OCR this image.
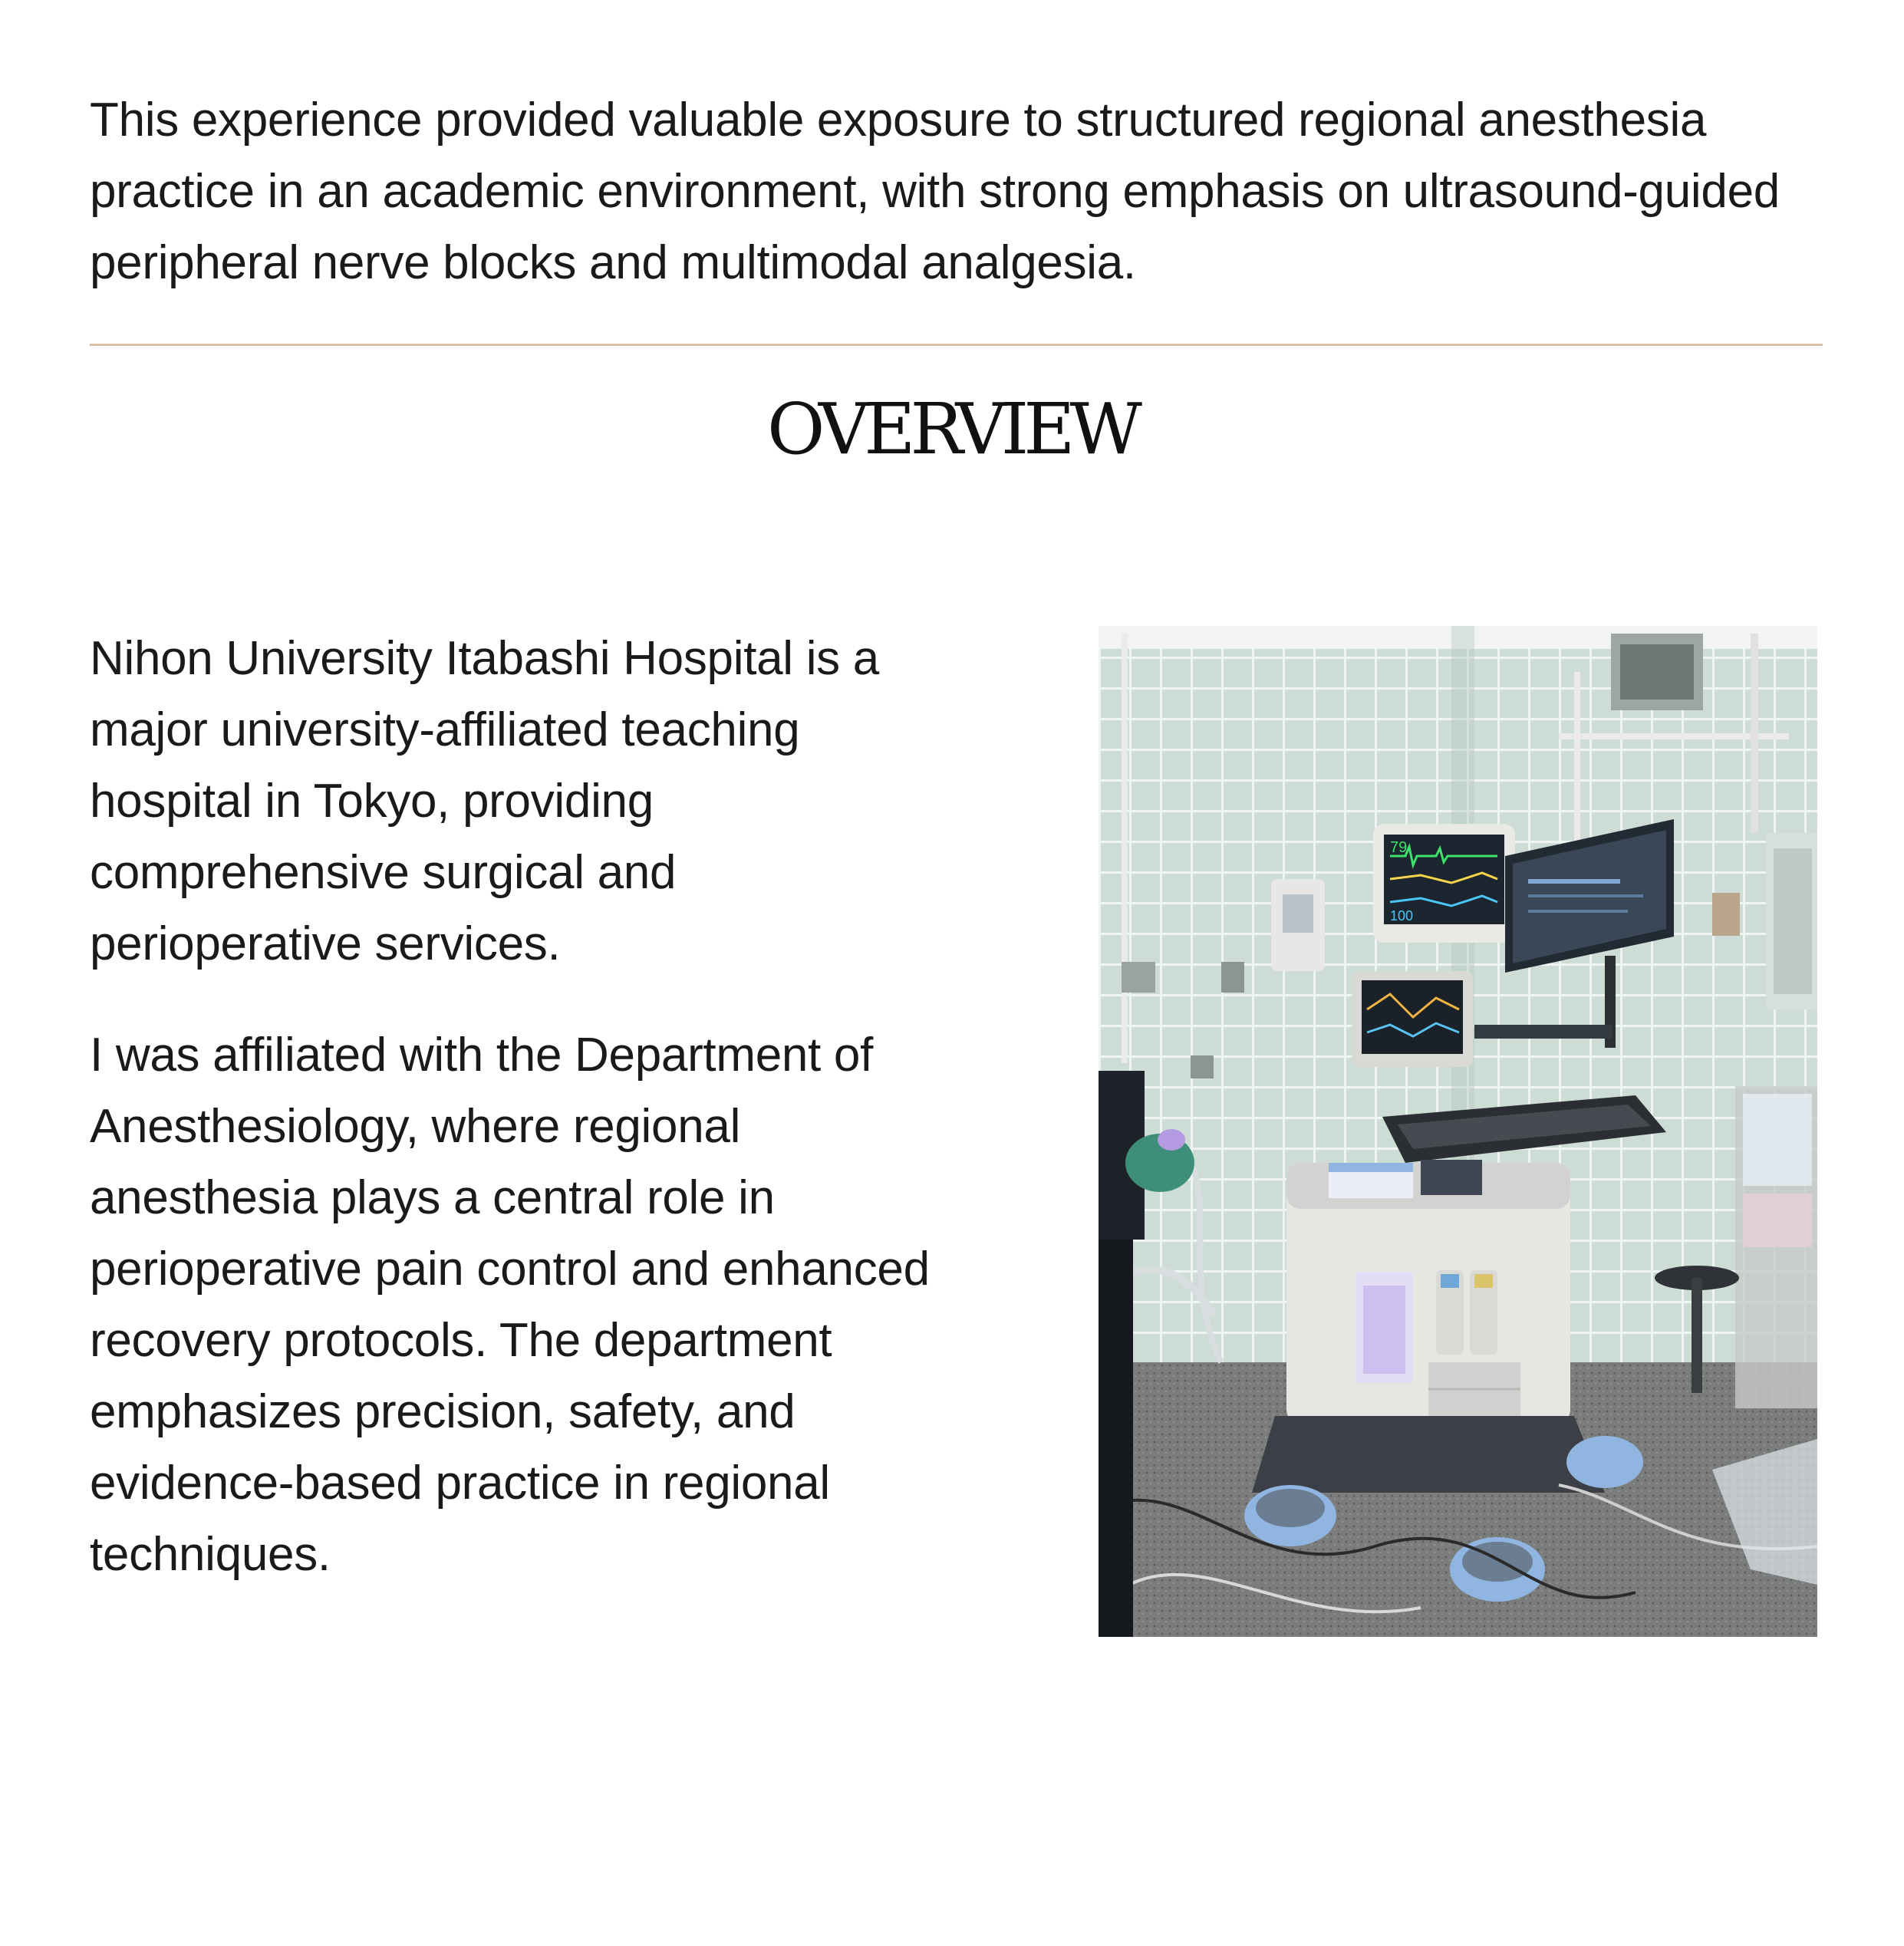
This experience provided valuable exposure to structured regional anesthesia practice in an academic environment, with strong emphasis on ultrasound-guided peripheral nerve blocks and multimodal analgesia.

OVERVIEW

Nihon University Itabashi Hospital is a major university-affiliated teaching hospital in Tokyo, providing comprehensive surgical and perioperative services.

I was affiliated with the Department of Anesthesiology, where regional anesthesia plays a central role in perioperative pain control and enhanced recovery protocols. The department emphasizes precision, safety, and evidence-based practice in regional techniques.

79
100
